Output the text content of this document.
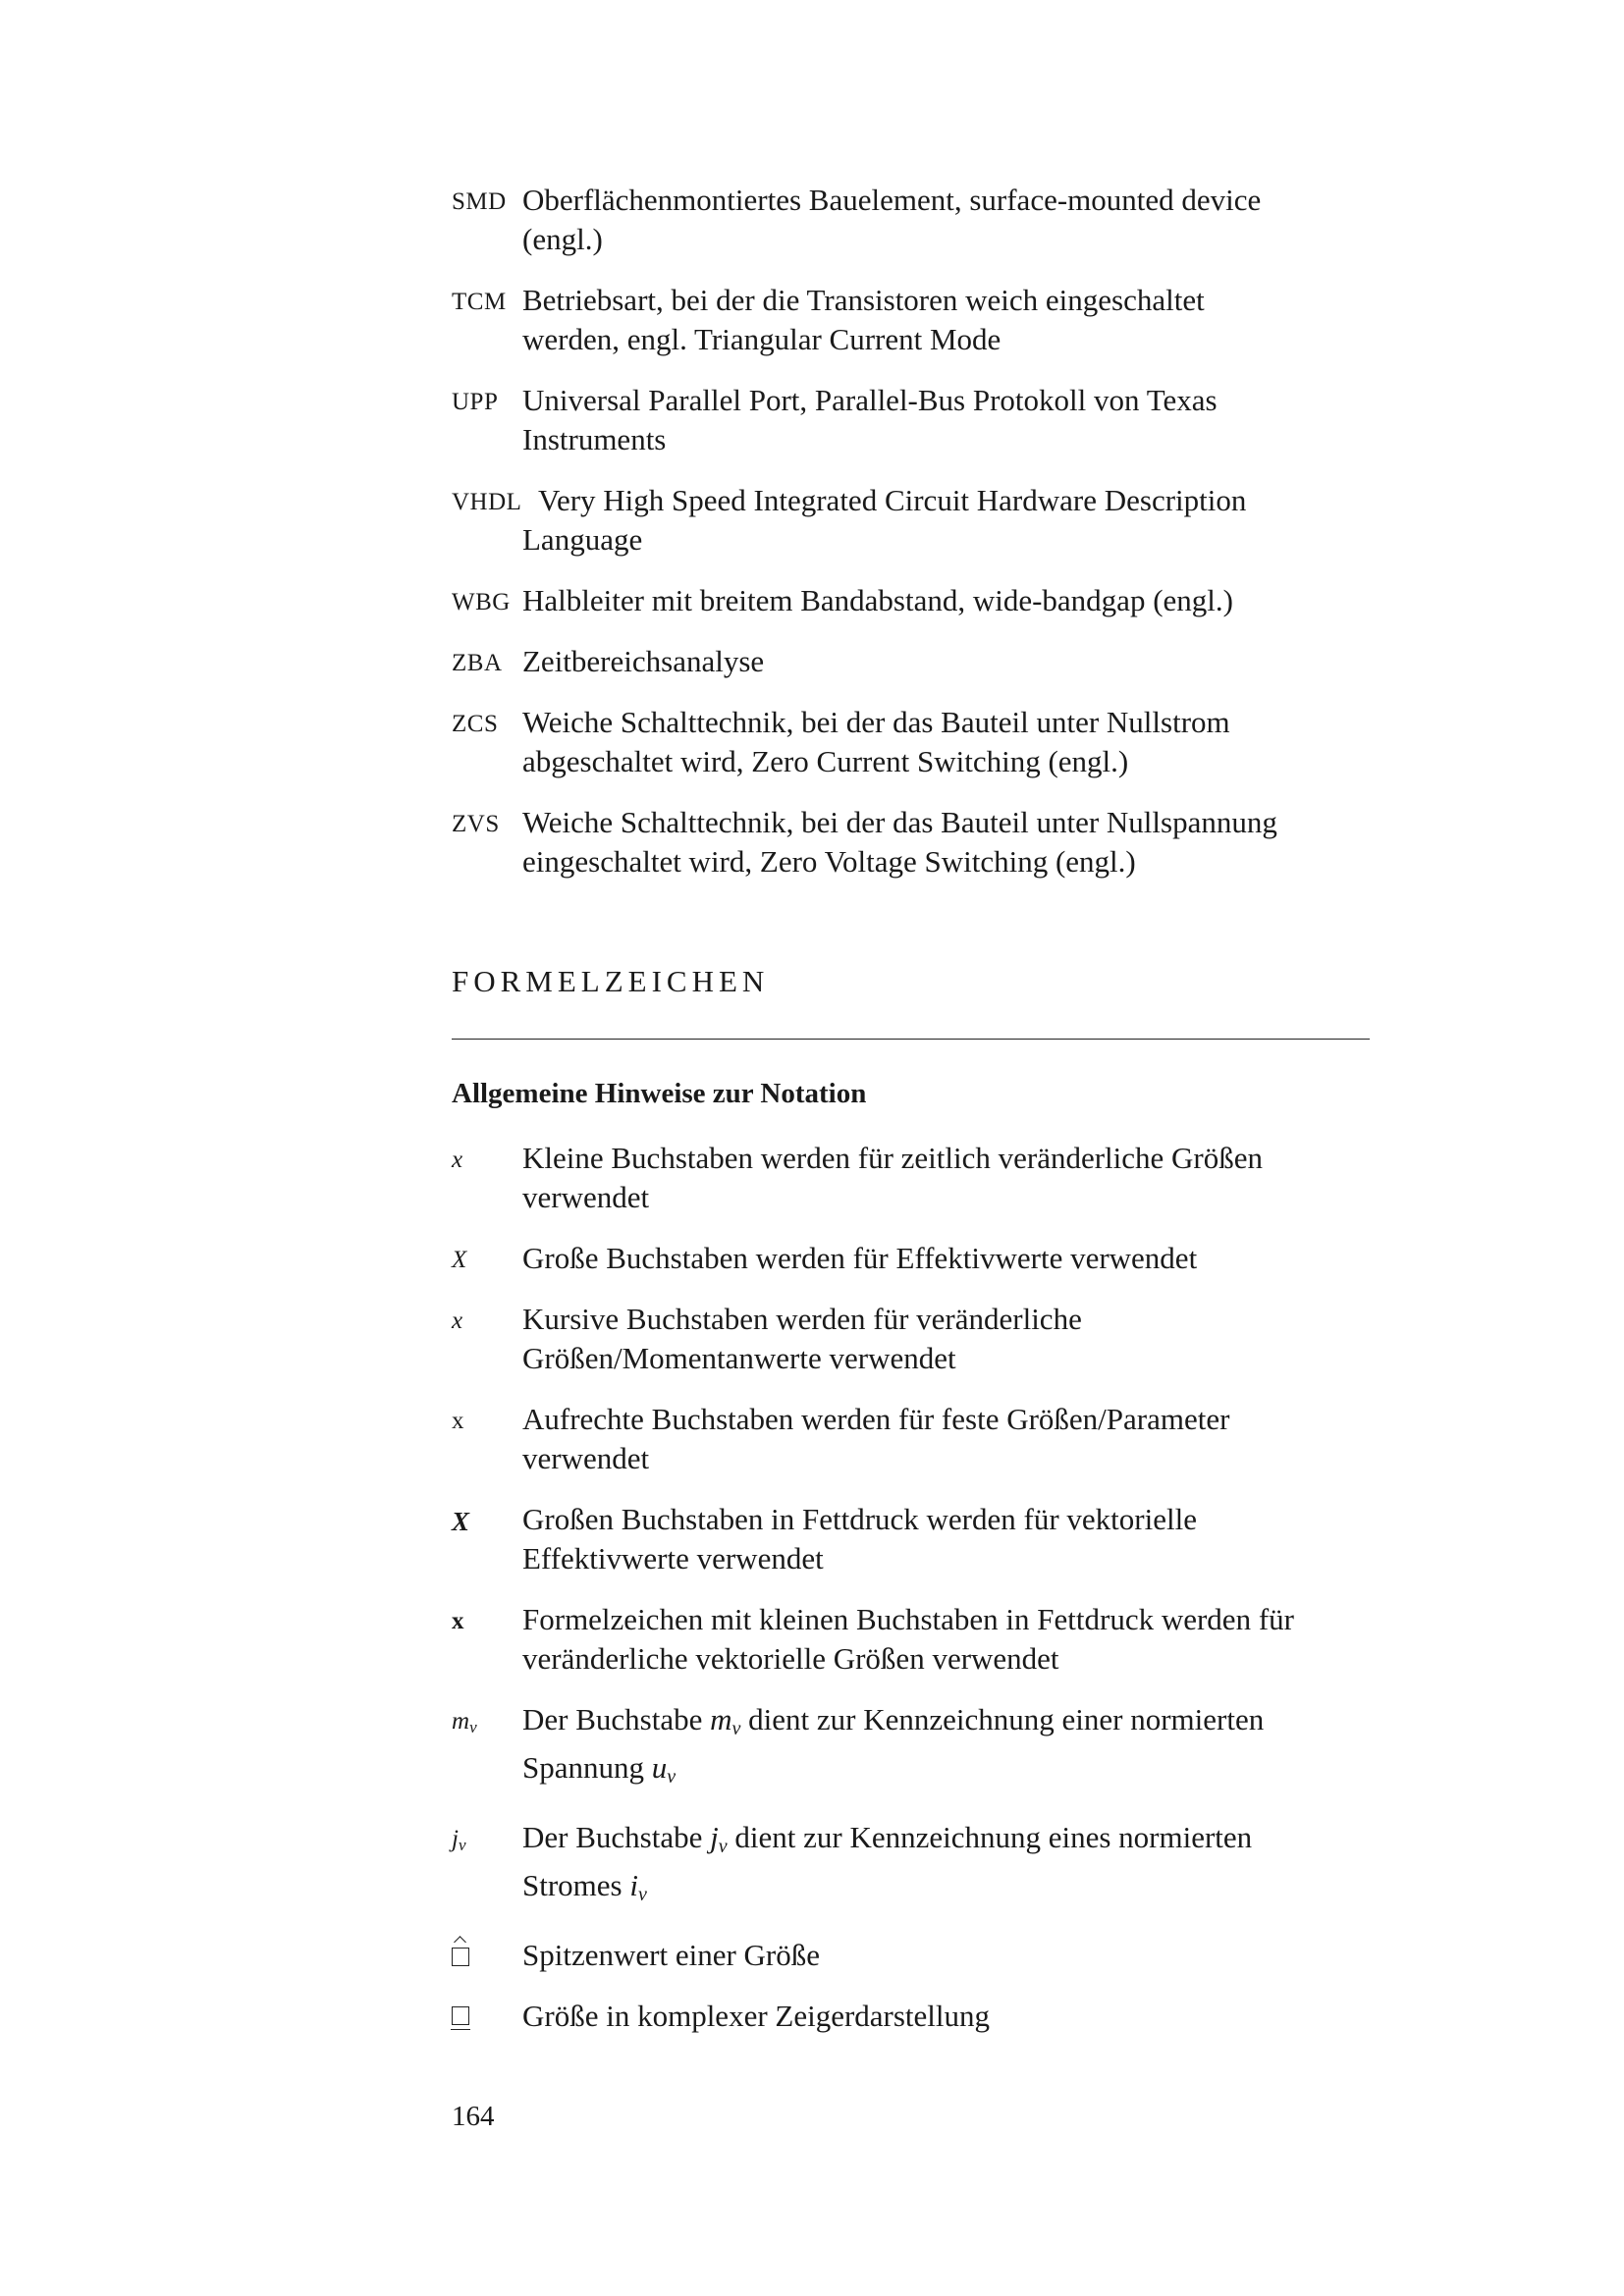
SMD Oberflächenmontiertes Bauelement, surface-mounted device
(engl.)
TCM Betriebsart, bei der die Transistoren weich eingeschaltet
werden, engl. Triangular Current Mode
UPP Universal Parallel Port, Parallel-Bus Protokoll von Texas
Instruments
VHDL Very High Speed Integrated Circuit Hardware Description
Language
WBG Halbleiter mit breitem Bandabstand, wide-bandgap (engl.)
ZBA Zeitbereichsanalyse
ZCS Weiche Schalttechnik, bei der das Bauteil unter Nullstrom
abgeschaltet wird, Zero Current Switching (engl.)
ZVS Weiche Schalttechnik, bei der das Bauteil unter Nullspannung
eingeschaltet wird, Zero Voltage Switching (engl.)
FORMELZEICHEN
Allgemeine Hinweise zur Notation
x Kleine Buchstaben werden für zeitlich veränderliche Größen
verwendet
X Große Buchstaben werden für Effektivwerte verwendet
x Kursive Buchstaben werden für veränderliche
Größen/Momentanwerte verwendet
x Aufrechte Buchstaben werden für feste Größen/Parameter
verwendet
X Großen Buchstaben in Fettdruck werden für vektorielle
Effektivwerte verwendet
x Formelzeichen mit kleinen Buchstaben in Fettdruck werden für
veränderliche vektorielle Größen verwendet
$m_\nu$ Der Buchstabe $m_\nu$ dient zur Kennzeichnung einer normierten
Spannung $u_\nu$
$j_\nu$ Der Buchstabe $j_\nu$ dient zur Kennzeichnung eines normierten
Stromes $i_\nu$
Spitzenwert einer Größe
Größe in komplexer Zeigerdarstellung
164
